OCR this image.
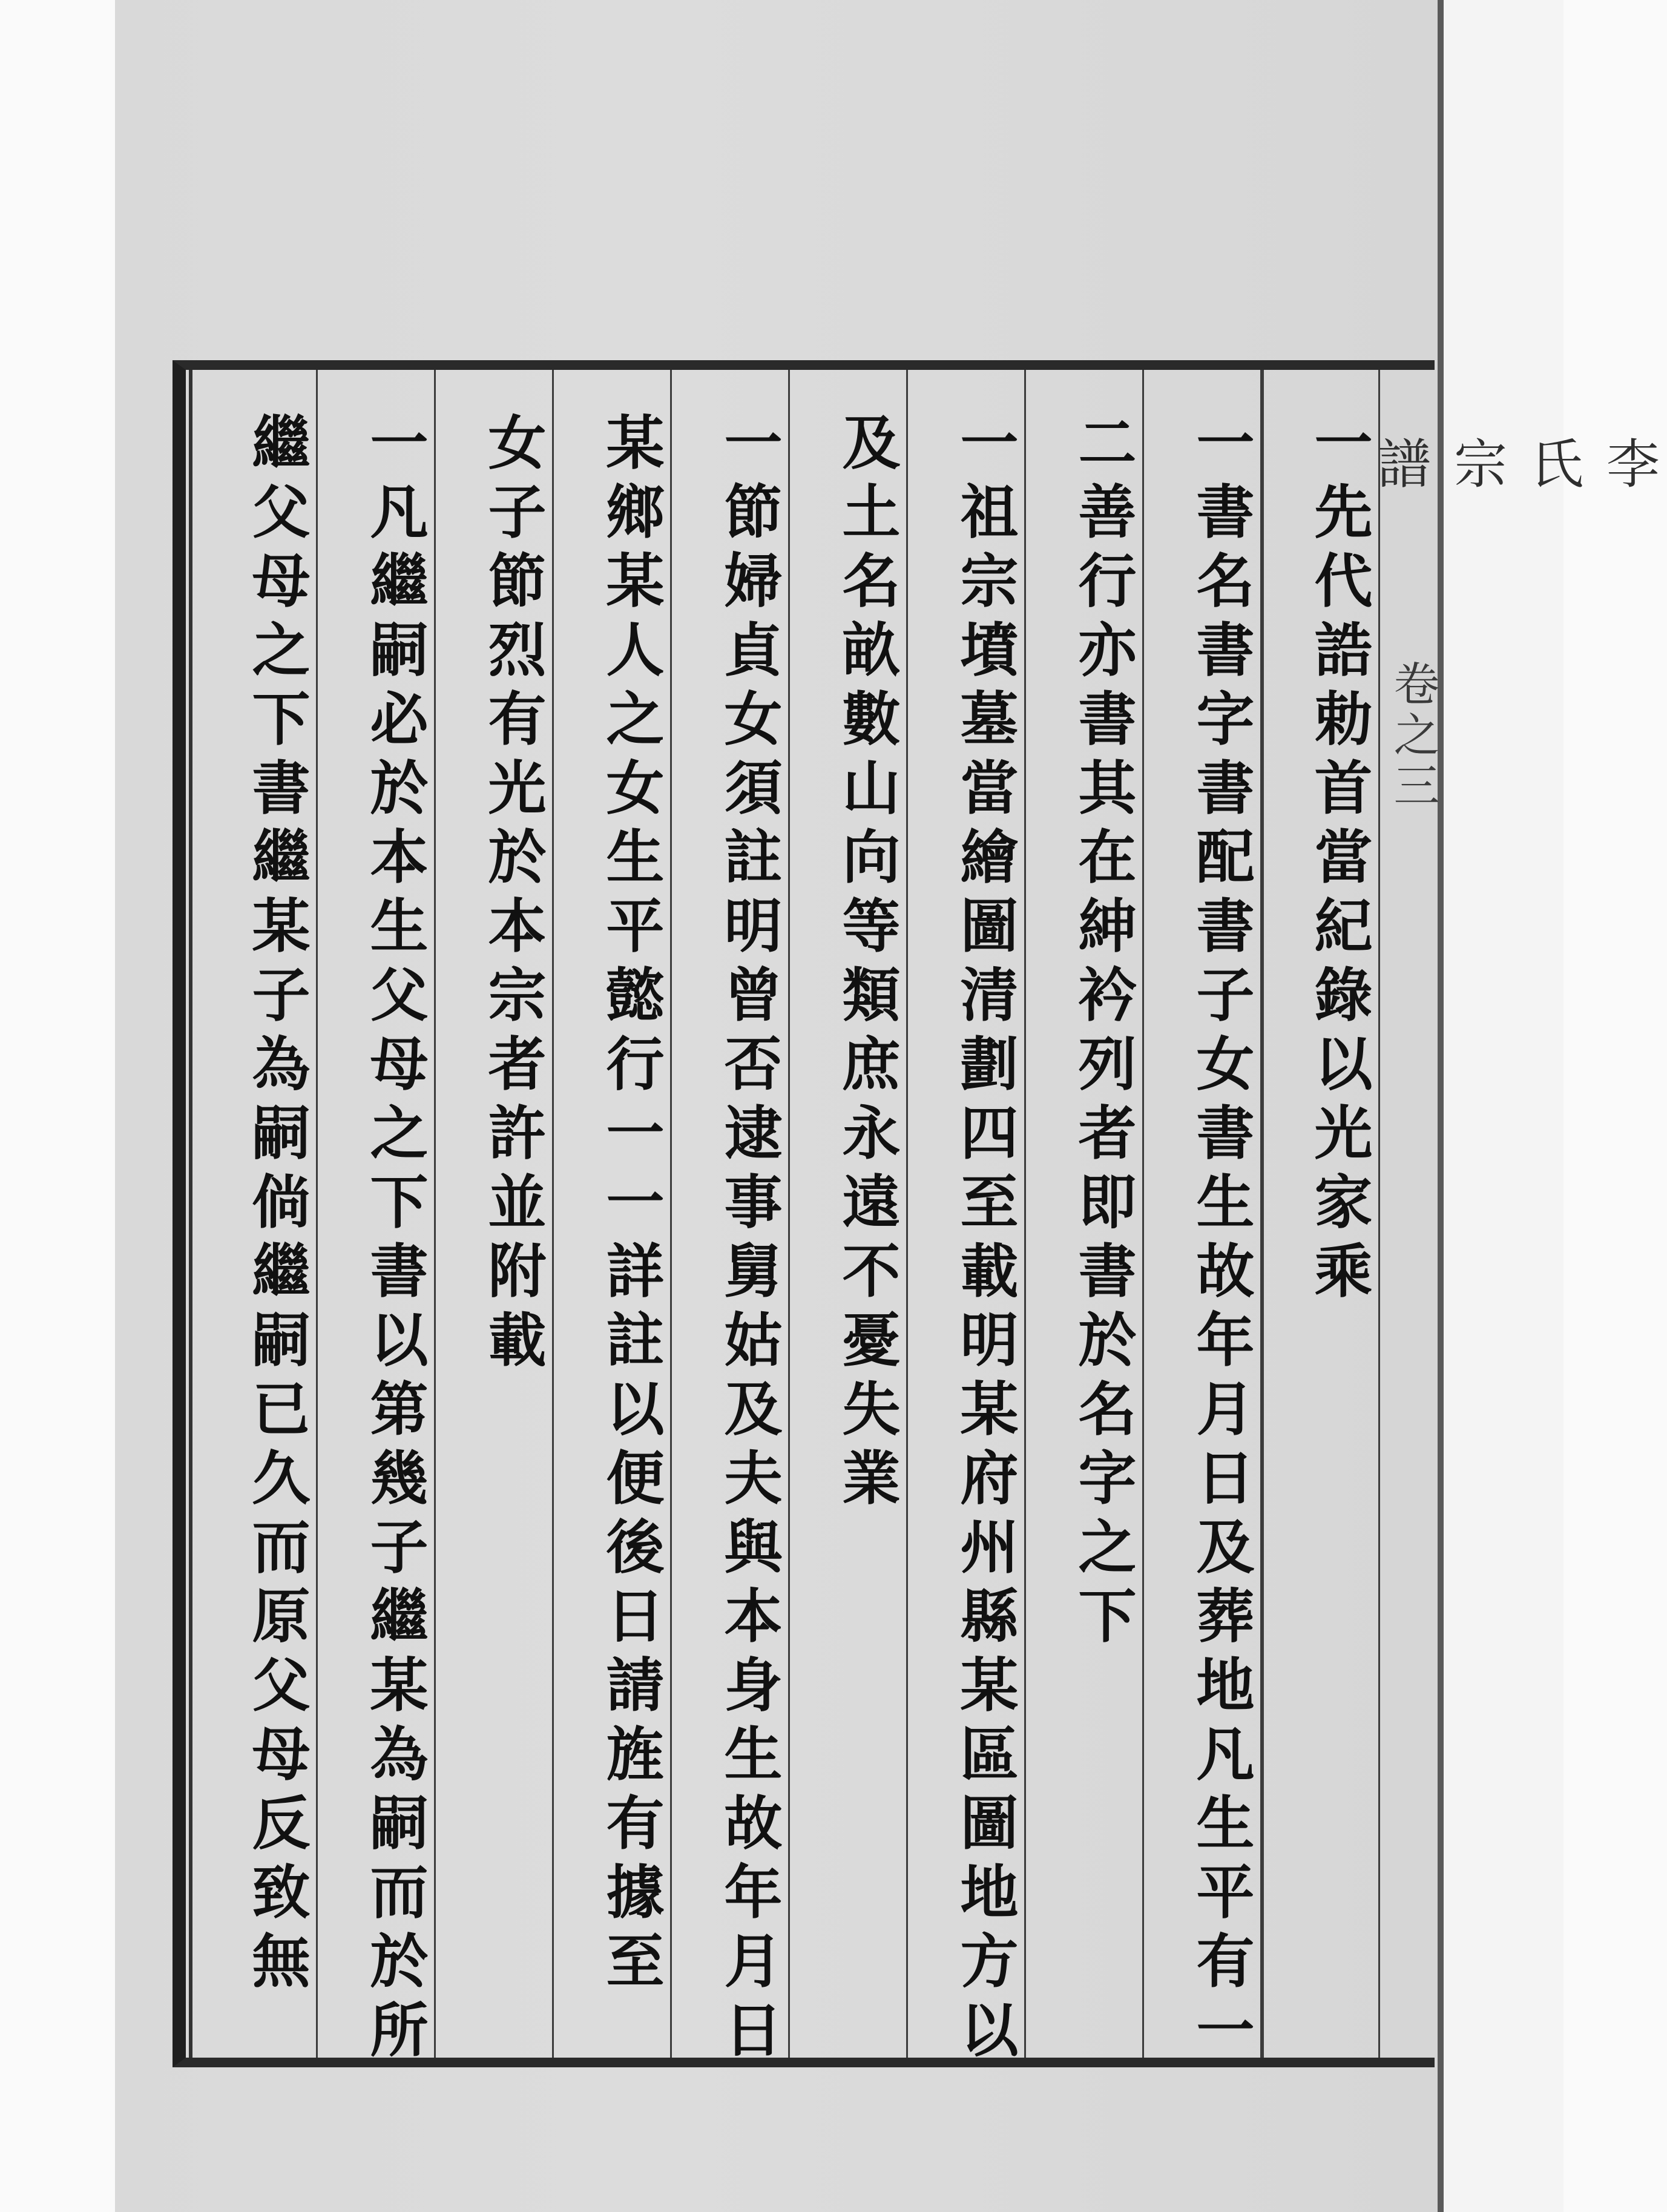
李氏宗譜
卷之三
一先代誥勅首當紀錄以光家乘
一書名書字書配書子女書生故年月日及葬地凡生平有一
二善行亦書其在紳衿列者即書於名字之下
一祖宗墳墓當繪圖清劃四至載明某府州縣某區圖地方以
及土名畝數山向等類庶永遠不憂失業
一節婦貞女須註明曾否逮事舅姑及夫與本身生故年月日
某鄉某人之女生平懿行一一詳註以便後日請旌有據至
女子節烈有光於本宗者許並附載
一凡繼嗣必於本生父母之下書以第幾子繼某為嗣而於所
繼父母之下書繼某子為嗣倘繼嗣已久而原父母反致無
